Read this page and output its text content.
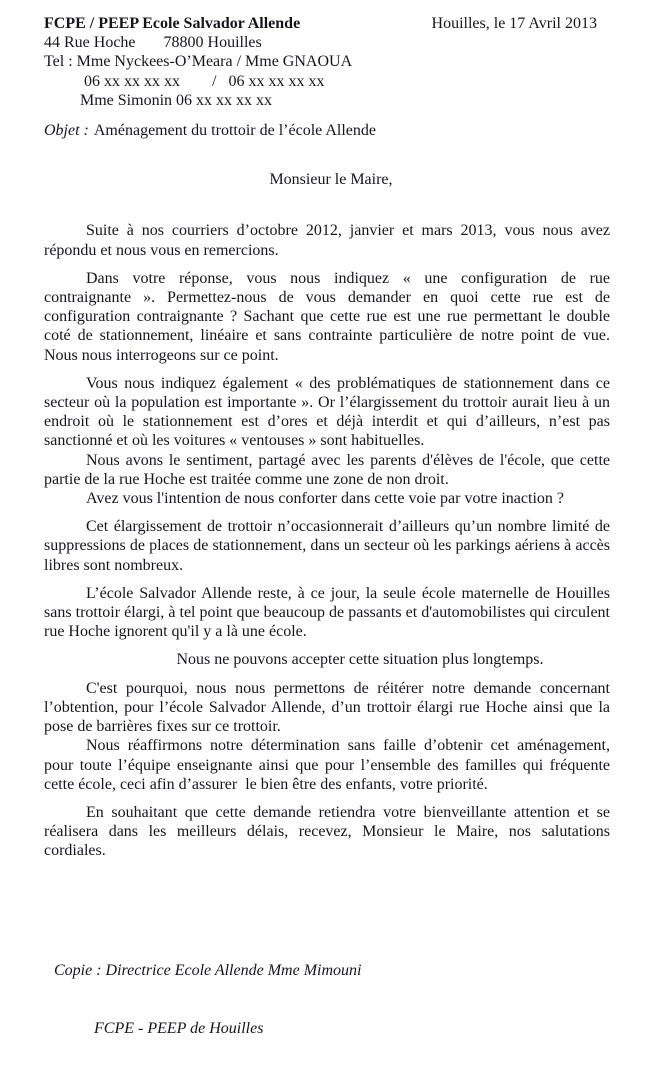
FCPE / PEEP Ecole Salvador Allende	Houilles, le 17 Avril 2013
44 Rue Hoche       78800 Houilles
Tel : Mme Nyckees-O’Meara / Mme GNAOUA
06 xx xx xx xx        /   06 xx xx xx xx
Mme Simonin 06 xx xx xx xx
Objet : Aménagement du trottoir de l’école Allende
Monsieur le Maire,

Suite à nos courriers d’octobre 2012, janvier et mars 2013, vous nous avez répondu et nous vous en remercions.

Dans votre réponse, vous nous indiquez « une configuration de rue contraignante ». Permettez-nous de vous demander en quoi cette rue est de configuration contraignante ? Sachant que cette rue est une rue permettant le double coté de stationnement, linéaire et sans contrainte particulière de notre point de vue. Nous nous interrogeons sur ce point.

Vous nous indiquez également « des problématiques de stationnement dans ce secteur où la population est importante ». Or l’élargissement du trottoir aurait lieu à un endroit où le stationnement est d’ores et déjà interdit et qui d’ailleurs, n’est pas sanctionné et où les voitures « ventouses » sont habituelles.

Nous avons le sentiment, partagé avec les parents d'élèves de l'école, que cette partie de la rue Hoche est traitée comme une zone de non droit.

Avez vous l'intention de nous conforter dans cette voie par votre inaction ?

Cet élargissement de trottoir n’occasionnerait d’ailleurs qu’un nombre limité de suppressions de places de stationnement, dans un secteur où les parkings aériens à accès libres sont nombreux.

L’école Salvador Allende reste, à ce jour, la seule école maternelle de Houilles sans trottoir élargi, à tel point que beaucoup de passants et d'automobilistes qui circulent rue Hoche ignorent qu'il y a là une école.

Nous ne pouvons accepter cette situation plus longtemps.

C'est pourquoi, nous nous permettons de réitérer notre demande concernant l’obtention, pour l’école Salvador Allende, d’un trottoir élargi rue Hoche ainsi que la pose de barrières fixes sur ce trottoir.

Nous réaffirmons notre détermination sans faille d’obtenir cet aménagement, pour toute l’équipe enseignante ainsi que pour l’ensemble des familles qui fréquente cette école, ceci afin d’assurer  le bien être des enfants, votre priorité.

En souhaitant que cette demande retiendra votre bienveillante attention et se réalisera dans les meilleurs délais, recevez, Monsieur le Maire, nos salutations cordiales.

Copie : Directrice Ecole Allende Mme Mimouni

FCPE - PEEP de Houilles
